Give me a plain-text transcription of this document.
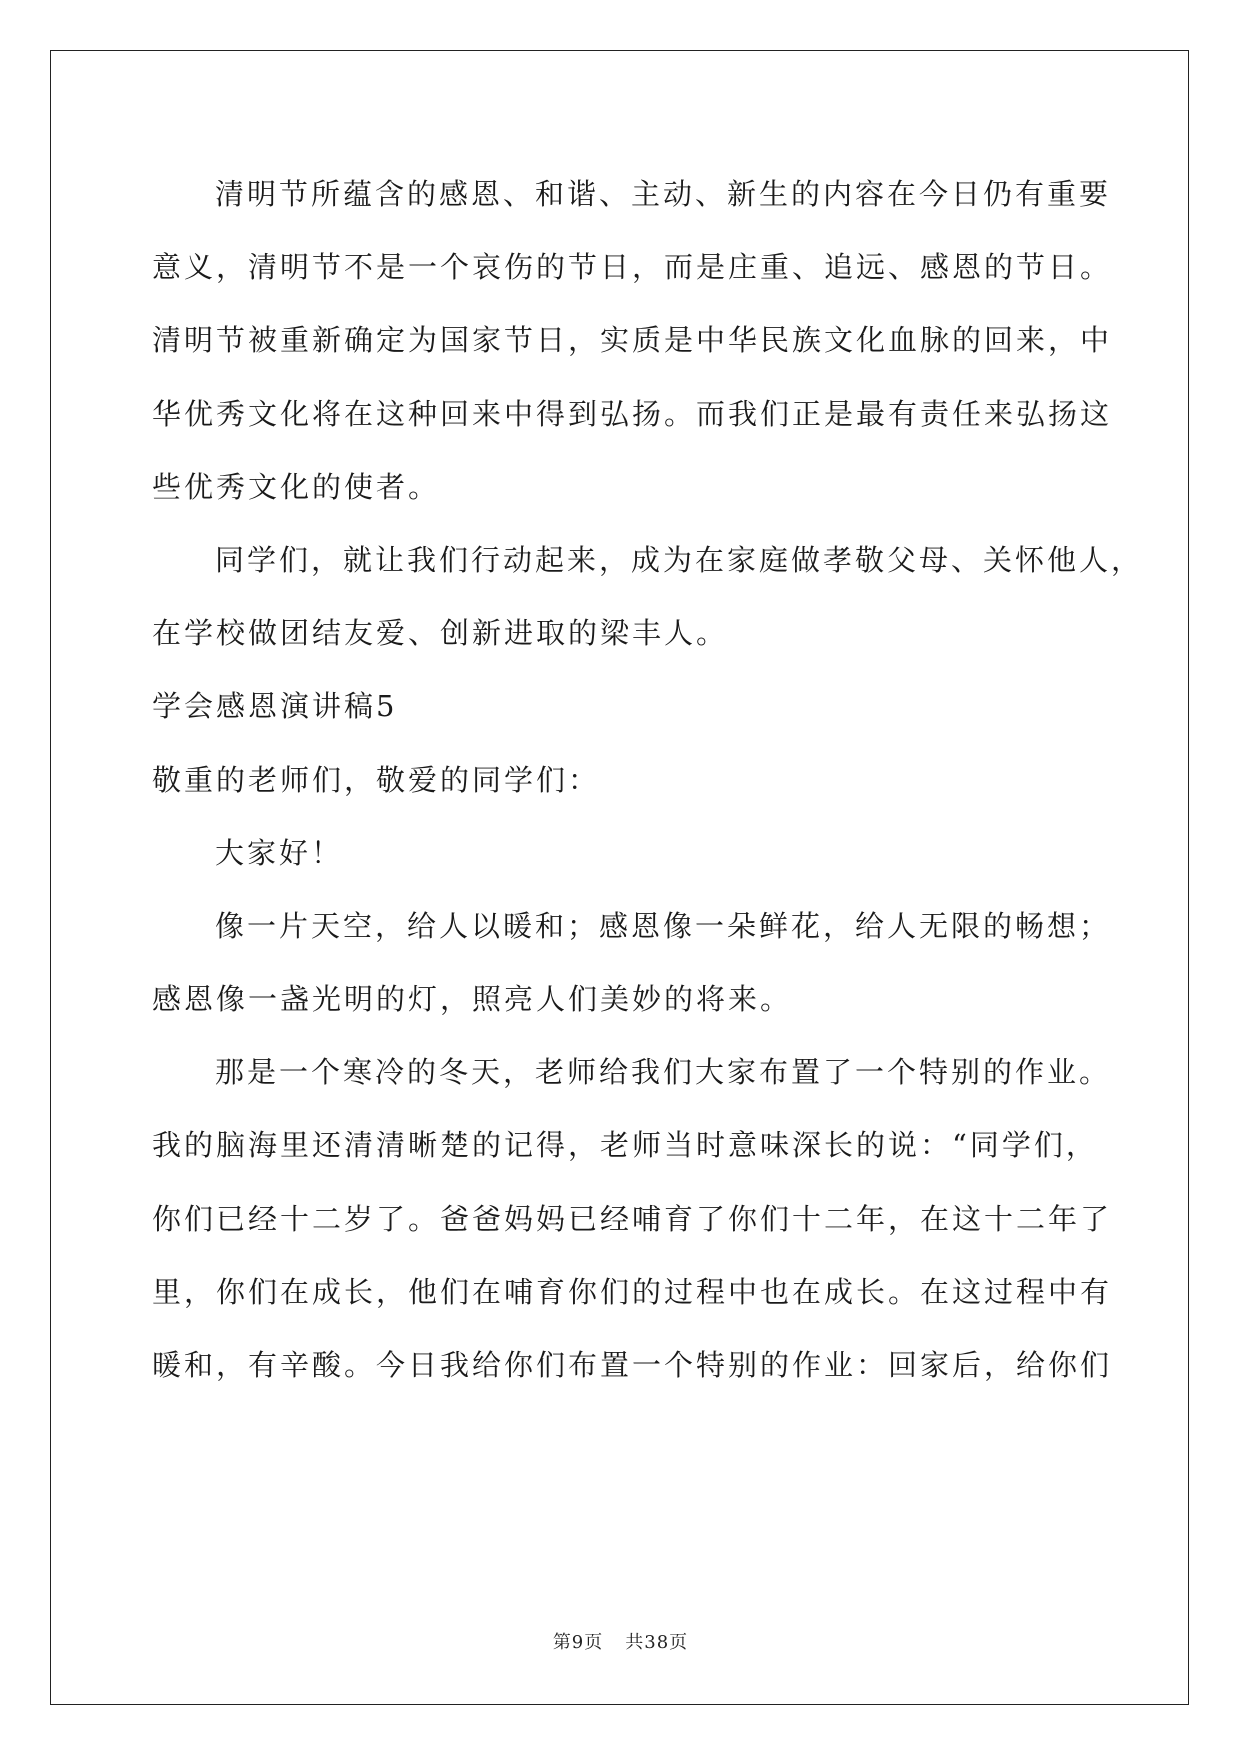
清明节所蕴含的感恩、和谐、主动、新生的内容在今日仍有重要
意义，清明节不是一个哀伤的节日，而是庄重、追远、感恩的节日。
清明节被重新确定为国家节日，实质是中华民族文化血脉的回来，中
华优秀文化将在这种回来中得到弘扬。而我们正是最有责任来弘扬这
些优秀文化的使者。
同学们，就让我们行动起来，成为在家庭做孝敬父母、关怀他人，
在学校做团结友爱、创新进取的梁丰人。
学会感恩演讲稿5
敬重的老师们，敬爱的同学们：
大家好！
像一片天空，给人以暖和；感恩像一朵鲜花，给人无限的畅想；
感恩像一盏光明的灯，照亮人们美妙的将来。
那是一个寒冷的冬天，老师给我们大家布置了一个特别的作业。
我的脑海里还清清晰楚的记得，老师当时意味深长的说：“同学们，
你们已经十二岁了。爸爸妈妈已经哺育了你们十二年，在这十二年了
里，你们在成长，他们在哺育你们的过程中也在成长。在这过程中有
暖和，有辛酸。今日我给你们布置一个特别的作业：回家后，给你们
第9页 共38页
